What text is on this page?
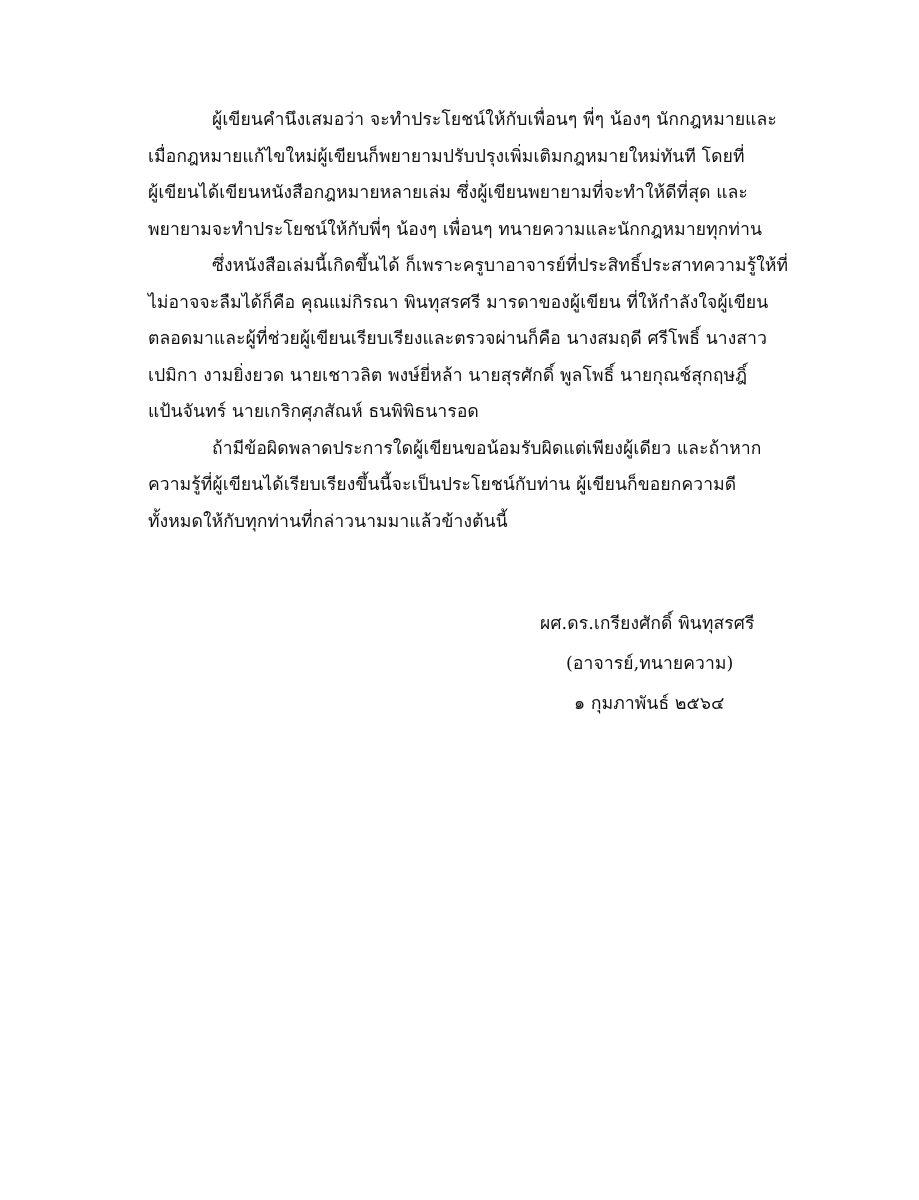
ผู้เขียนคำนึงเสมอว่า จะทำประโยชน์ให้กับเพื่อนๆ พี่ๆ น้องๆ นักกฎหมายและ
เมื่อกฎหมายแก้ไขใหม่ผู้เขียนก็พยายามปรับปรุงเพิ่มเติมกฎหมายใหม่ทันที โดยที่
ผู้เขียนได้เขียนหนังสือกฎหมายหลายเล่ม ซึ่งผู้เขียนพยายามที่จะทำให้ดีที่สุด และ
พยายามจะทำประโยชน์ให้กับพี่ๆ น้องๆ เพื่อนๆ ทนายความและนักกฎหมายทุกท่าน
ซึ่งหนังสือเล่มนี้เกิดขึ้นได้ ก็เพราะครูบาอาจารย์ที่ประสิทธิ์ประสาทความรู้ให้ที่
ไม่อาจจะลืมได้ก็คือ คุณแม่กิรณา พินทุสรศรี มารดาของผู้เขียน ที่ให้กำลังใจผู้เขียน
ตลอดมาและผู้ที่ช่วยผู้เขียนเรียบเรียงและตรวจผ่านก็คือ นางสมฤดี ศรีโพธิ์ นางสาว
เปมิกา งามยิ่งยวด นายเชาวลิต พงษ์ยี่หล้า นายสุรศักดิ์ พูลโพธิ์ นายกุณช์สุกฤษฎิ์
แป้นจันทร์ นายเกริกศุภสัณห์ ธนพิพิธนารอด
ถ้ามีข้อผิดพลาดประการใดผู้เขียนขอน้อมรับผิดแต่เพียงผู้เดียว และถ้าหาก
ความรู้ที่ผู้เขียนได้เรียบเรียงขึ้นนี้จะเป็นประโยชน์กับท่าน ผู้เขียนก็ขอยกความดี
ทั้งหมดให้กับทุกท่านที่กล่าวนามมาแล้วข้างต้นนี้
ผศ.ดร.เกรียงศักดิ์ พินทุสรศรี
(อาจารย์,ทนายความ)
๑ กุมภาพันธ์ ๒๕๖๔
